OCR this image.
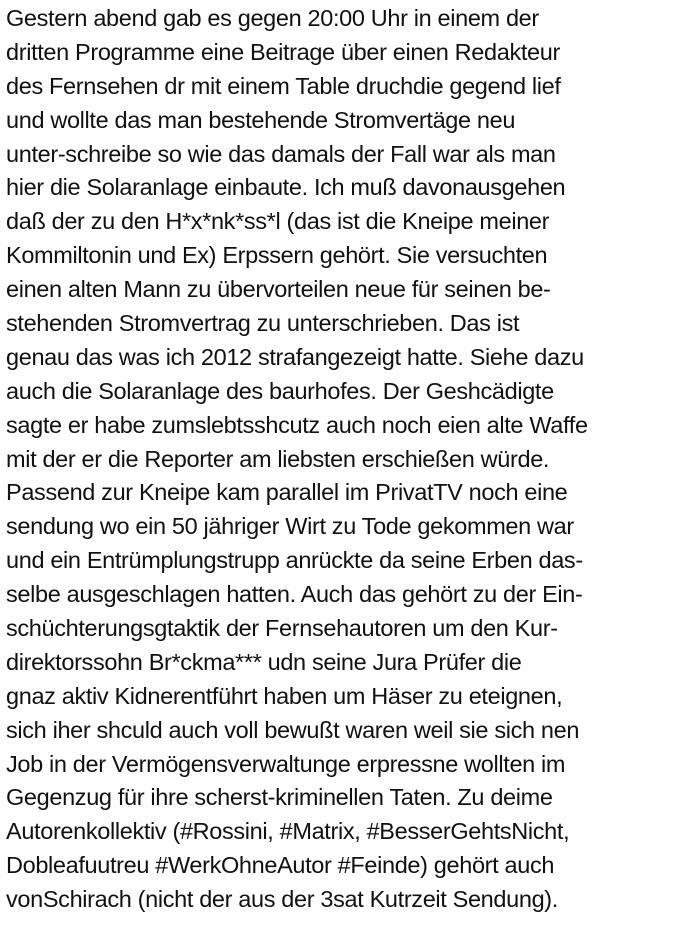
Gestern abend gab es gegen 20:00 Uhr in einem der
dritten Programme eine Beitrage über einen Redakteur
des Fernsehen dr mit einem Table druchdie gegend lief
und wollte das man bestehende Stromvertäge neu
unter-schreibe so wie das damals der Fall war als man
hier die Solaranlage einbaute. Ich muß davonausgehen
daß der zu den H*x*nk*ss*l (das ist die Kneipe meiner
Kommiltonin und Ex) Erpssern gehört. Sie versuchten
einen alten Mann zu übervorteilen neue für seinen be-
stehenden Stromvertrag zu unterschrieben. Das ist
genau das was ich 2012 strafangezeigt hatte. Siehe dazu
auch die Solaranlage des baurhofes. Der Geshcädigte
sagte er habe zumslebtsshcutz auch noch eien alte Waffe
mit der er die Reporter am liebsten erschießen würde.
Passend zur Kneipe kam parallel im PrivatTV noch eine
sendung wo ein 50 jähriger Wirt zu Tode gekommen war
und ein Entrümplungstrupp anrückte da seine Erben das-
selbe ausgeschlagen hatten. Auch das gehört zu der Ein-
schüchterungsgtaktik der Fernsehautoren um den Kur-
direktorssohn Br*ckma*** udn seine Jura Prüfer die
gnaz aktiv Kidnerentführt haben um Häser zu eteignen,
sich iher shculd auch voll bewußt waren weil sie sich nen
Job in der Vermögensverwaltunge erpressne wollten im
Gegenzug für ihre scherst-kriminellen Taten. Zu deime
Autorenkollektiv (#Rossini, #Matrix, #BesserGehtsNicht,
Dobleafuutreu #WerkOhneAutor #Feinde) gehört auch
vonSchirach (nicht der aus der 3sat Kutrzeit Sendung).
